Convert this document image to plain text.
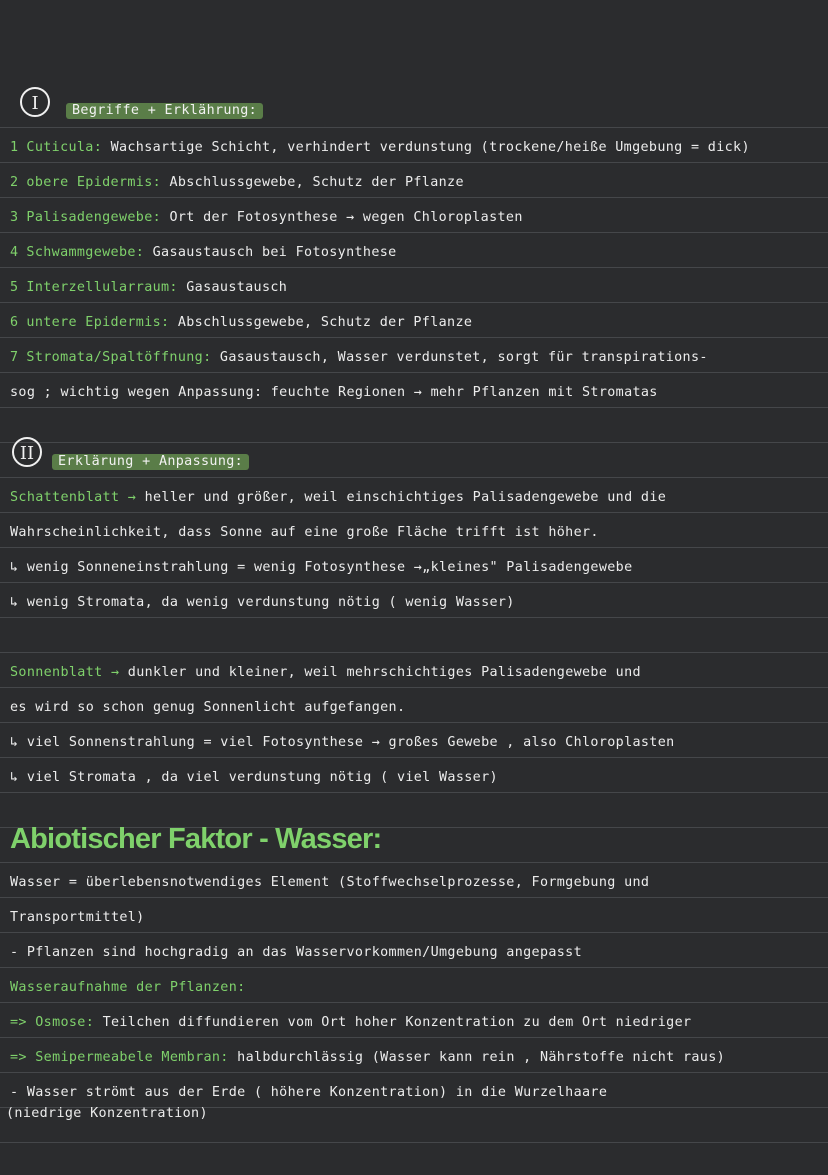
I	Begriffe + Erklährung:
1 Cuticula: Wachsartige Schicht, verhindert verdunstung (trockene/heiße Umgebung = dick)
2 obere Epidermis: Abschlussgewebe, Schutz der Pflanze
3 Palisadengewebe: Ort der Fotosynthese → wegen Chloroplasten
4 Schwammgewebe: Gasaustausch bei Fotosynthese
5 Interzellularraum: Gasaustausch
6 untere Epidermis: Abschlussgewebe, Schutz der Pflanze
7 Stromata/Spaltöffnung: Gasaustausch, Wasser verdunstet, sorgt für transpirations-
sog ; wichtig wegen Anpassung: feuchte Regionen → mehr Pflanzen mit Stromatas
II	Erklärung + Anpassung:
Schattenblatt → heller und größer, weil einschichtiges Palisadengewebe und die
Wahrscheinlichkeit, dass Sonne auf eine große Fläche trifft ist höher.
↳ wenig Sonneneinstrahlung = wenig Fotosynthese →„kleines" Palisadengewebe
↳ wenig Stromata, da wenig verdunstung nötig ( wenig Wasser)
Sonnenblatt → dunkler und kleiner, weil mehrschichtiges Palisadengewebe und
es wird so schon genug Sonnenlicht aufgefangen.
↳ viel Sonnenstrahlung = viel Fotosynthese → großes Gewebe , also Chloroplasten
↳ viel Stromata , da viel verdunstung nötig ( viel Wasser)
Abiotischer Faktor - Wasser:
Wasser = überlebensnotwendiges Element (Stoffwechselprozesse, Formgebung und
Transportmittel)
- Pflanzen sind hochgradig an das Wasservorkommen/Umgebung angepasst
Wasseraufnahme der Pflanzen:
=> Osmose: Teilchen diffundieren vom Ort hoher Konzentration zu dem Ort niedriger
=> Semipermeabele Membran: halbdurchlässig (Wasser kann rein , Nährstoffe nicht raus)
- Wasser strömt aus der Erde ( höhere Konzentration) in die Wurzelhaare
(niedrige Konzentration)
